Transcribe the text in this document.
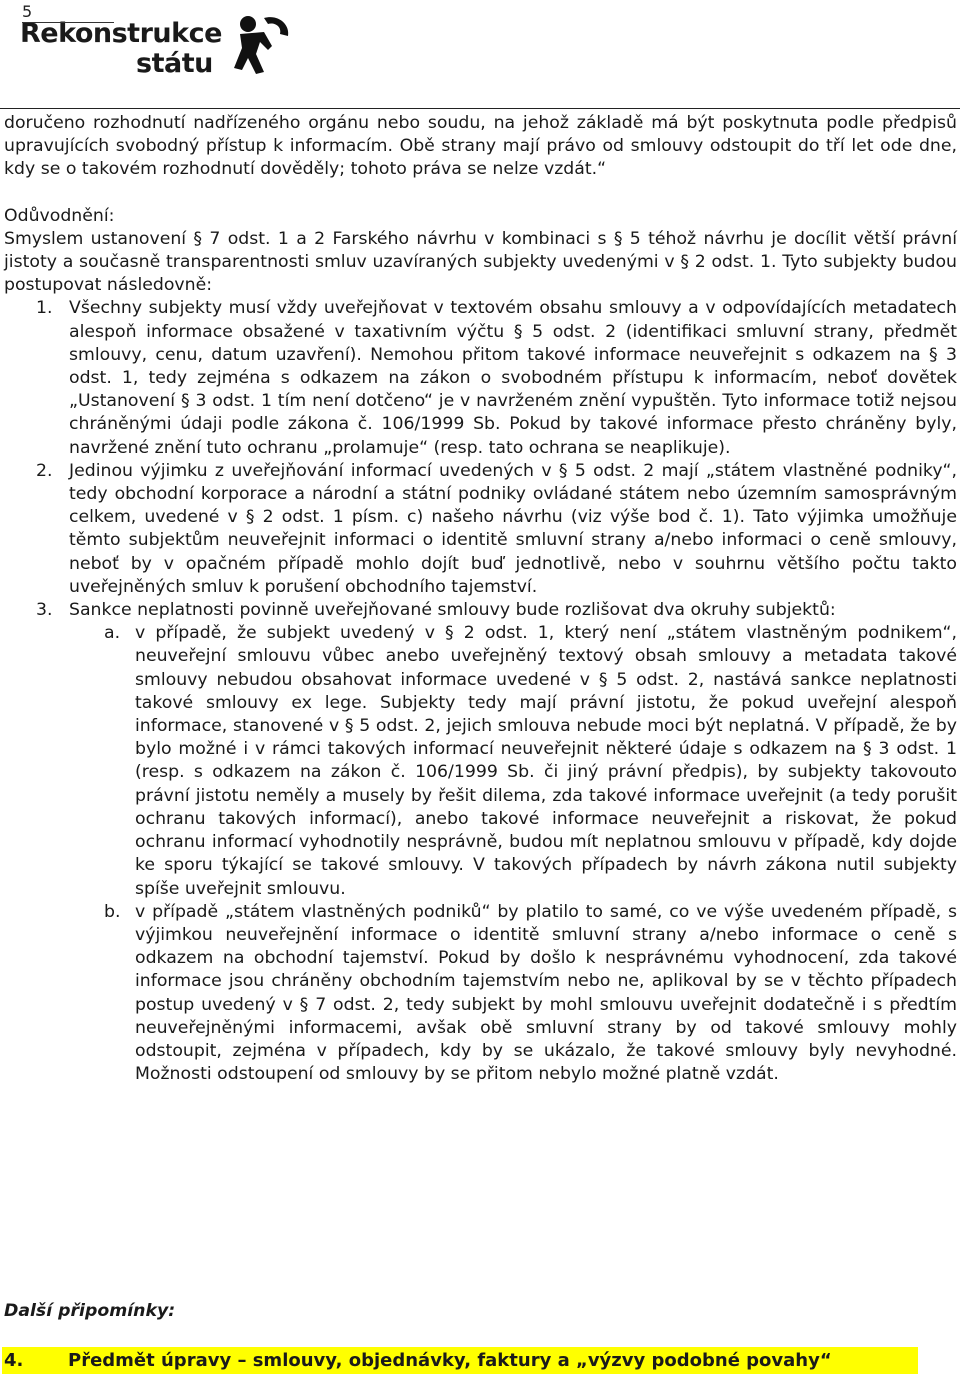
Rekonstrukce
státu
5

doručeno rozhodnutí nadřízeného orgánu nebo soudu, na jehož základě má být poskytnuta podle předpisů upravujících svobodný přístup k informacím. Obě strany mají právo od smlouvy odstoupit do tří let ode dne, kdy se o takovém rozhodnutí dověděly; tohoto práva se nelze vzdát.“

Odůvodnění:

Smyslem ustanovení § 7 odst. 1 a 2 Farského návrhu v kombinaci s § 5 téhož návrhu je docílit větší právní jistoty a současně transparentnosti smluv uzavíraných subjekty uvedenými v § 2 odst. 1. Tyto subjekty budou postupovat následovně:

1. Všechny subjekty musí vždy uveřejňovat v textovém obsahu smlouvy a v odpovídajících metadatech alespoň informace obsažené v taxativním výčtu § 5 odst. 2 (identifikaci smluvní strany, předmět smlouvy, cenu, datum uzavření). Nemohou přitom takové informace neuveřejnit s odkazem na § 3 odst. 1, tedy zejména s odkazem na zákon o svobodném přístupu k informacím, neboť dovětek „Ustanovení § 3 odst. 1 tím není dotčeno“ je v navrženém znění vypuštěn. Tyto informace totiž nejsou chráněnými údaji podle zákona č. 106/1999 Sb. Pokud by takové informace přesto chráněny byly, navržené znění tuto ochranu „prolamuje“ (resp. tato ochrana se neaplikuje).
2. Jedinou výjimku z uveřejňování informací uvedených v § 5 odst. 2 mají „státem vlastněné podniky“, tedy obchodní korporace a národní a státní podniky ovládané státem nebo územním samosprávným celkem, uvedené v § 2 odst. 1 písm. c) našeho návrhu (viz výše bod č. 1). Tato výjimka umožňuje těmto subjektům neuveřejnit informaci o identitě smluvní strany a/nebo informaci o ceně smlouvy, neboť by v opačném případě mohlo dojít buď jednotlivě, nebo v souhrnu většího počtu takto uveřejněných smluv k porušení obchodního tajemství.
3. Sankce neplatnosti povinně uveřejňované smlouvy bude rozlišovat dva okruhy subjektů:
a. v případě, že subjekt uvedený v § 2 odst. 1, který není „státem vlastněným podnikem“, neuveřejní smlouvu vůbec anebo uveřejněný textový obsah smlouvy a metadata takové smlouvy nebudou obsahovat informace uvedené v § 5 odst. 2, nastává sankce neplatnosti takové smlouvy ex lege. Subjekty tedy mají právní jistotu, že pokud uveřejní alespoň informace, stanovené v § 5 odst. 2, jejich smlouva nebude moci být neplatná. V případě, že by bylo možné i v rámci takových informací neuveřejnit některé údaje s odkazem na § 3 odst. 1 (resp. s odkazem na zákon č. 106/1999 Sb. či jiný právní předpis), by subjekty takovouto právní jistotu neměly a musely by řešit dilema, zda takové informace uveřejnit (a tedy porušit ochranu takových informací), anebo takové informace neuveřejnit a riskovat, že pokud ochranu informací vyhodnotily nesprávně, budou mít neplatnou smlouvu v případě, kdy dojde ke sporu týkající se takové smlouvy. V takových případech by návrh zákona nutil subjekty spíše uveřejnit smlouvu.
b. v případě „státem vlastněných podniků“ by platilo to samé, co ve výše uvedeném případě, s výjimkou neuveřejnění informace o identitě smluvní strany a/nebo informace o ceně s odkazem na obchodní tajemství. Pokud by došlo k nesprávnému vyhodnocení, zda takové informace jsou chráněny obchodním tajemstvím nebo ne, aplikoval by se v těchto případech postup uvedený v § 7 odst. 2, tedy subjekt by mohl smlouvu uveřejnit dodatečně i s předtím neuveřejněnými informacemi, avšak obě smluvní strany by od takové smlouvy mohly odstoupit, zejména v případech, kdy by se ukázalo, že takové smlouvy byly nevyhodné. Možnosti odstoupení od smlouvy by se přitom nebylo možné platně vzdát.
Další připomínky:
4. Předmět úpravy – smlouvy, objednávky, faktury a „výzvy podobné povahy“
